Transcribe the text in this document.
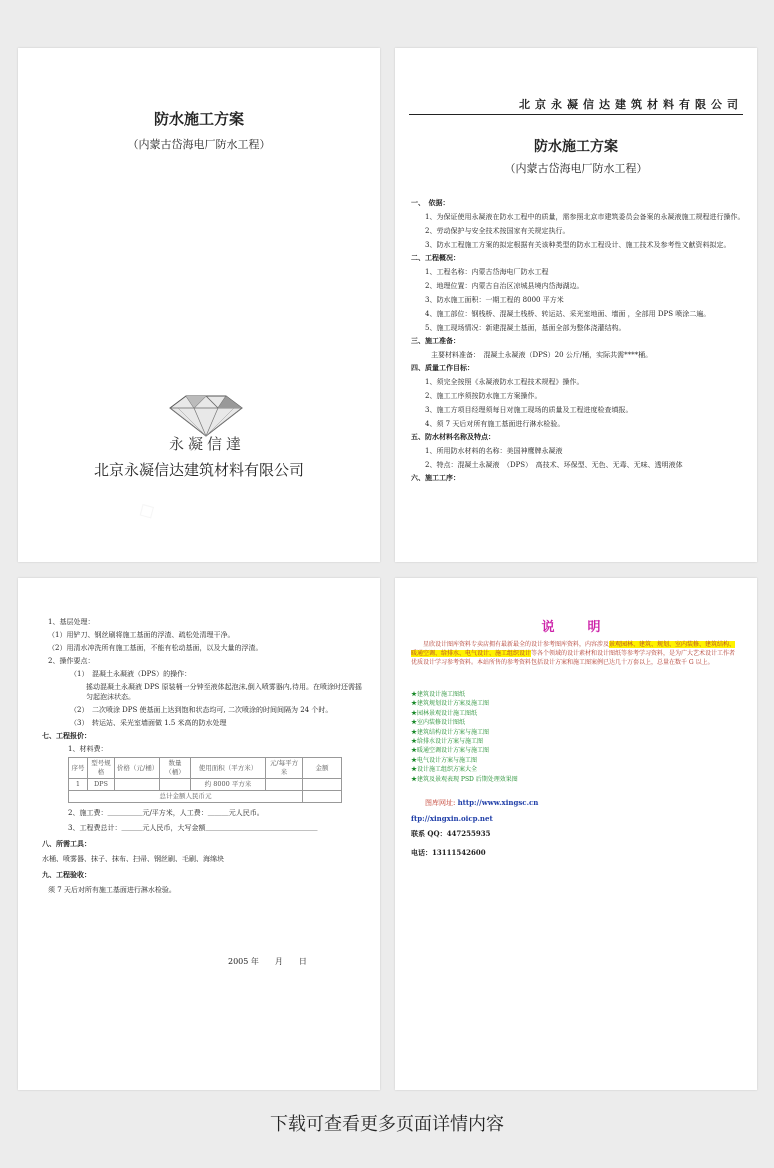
防水施工方案
（内蒙古岱海电厂防水工程）
永凝信達
北京永凝信达建筑材料有限公司
北京永凝信达建筑材料有限公司
防水施工方案
（内蒙古岱海电厂防水工程）
一、　依据：
1、为保证使用永凝液在防水工程中的质量，需参照北京市建筑委员会备案的永凝液施工规程进行操作。
2、劳动保护与安全技术按国家有关规定执行。
3、防水工程施工方案的拟定根据有关该种类型的防水工程设计、施工技术及参考性文献资料拟定。
二、工程概况：
1、工程名称：内蒙古岱海电厂防水工程
2、地理位置：内蒙古自治区凉城县境内岱海湖边。
3、防水施工面积：一期工程的 8000 平方米
4、施工部位：钢栈桥、混凝土栈桥、转运站、采光室地面、墙面 ，全部用 DPS 喷涂二遍。
5、施工现场情况：新建混凝土基面，基面全部为整体浇灌结构。
三、施工准备：
主要材料准备：　混凝土永凝液（DPS）20 公斤/桶，实际共需****桶。
四、质量工作目标：
1、须完全按照《永凝液防水工程技术规程》操作。
2、施工工序须按防水施工方案操作。
3、施工方项目经理须每日对施工现场的质量及工程进度检查填报。
4、须 7 天后对所有施工基面进行淋水检验。
五、防水材料名称及特点：
1、所用防水材料的名称：美国神鹰牌永凝液
2、特点：混凝土永凝液　（DPS）　高技术、环保型、无色、无毒、无味、透明液体
六、施工工序：
1、基层处理：
（1）用铲刀、钢丝刷将施工基面的浮渣、疏松处清理干净。
（2）用清水冲洗所有施工基面，不能有松动基面，以及大量的浮渣。
2、操作要点：
（1）　混凝土永凝液（DPS）的操作：
搖动混凝土永凝液 DPS 原装桶一分钟至液体起泡沫,倒入喷雾器内,待用。在喷涂时还需摇匀起泡沫状态。
（2）　二次喷涂 DPS 使基面上达到饱和状态均可, 二次喷涂的时间间隔为 24 个时。
（3）　转运站、采光室墙面做 1.5 米高的防水处理
七、工程报价：
1、材料费：
序号	型号规格	价格（元/桶）	数量（桶）	使用面积（平方米）	元/每平方米	金额
1	DPS			约 8000 平方米		
总计金额人民币元						
2、施工费：＿＿＿＿＿元/平方米，人工费：＿＿＿元人民币。
3、工程费总计：＿＿＿元人民币，大写金额＿＿＿＿＿＿＿＿＿＿＿＿＿＿＿＿
八、所需工具：
水桶、喷雾器、抹子、抹布、扫帚、钢丝刷、毛刷、海绵块
九、工程验收：
须 7 天后对所有施工基面进行淋水检验。
2005 年　　月　　日
说　明
星欣设计图库资料专卖店拥有最新最全的设计参考图库资料，内容涉及景观园林、建筑、规划、室内装修、建筑结构、暖通空调、给排水、电气设计、施工组织设计等各个领域的设计素材和设计图纸等参考学习资料，是为广大艺术设计工作者优质设计学习参考资料。本站所售的参考资料包括设计方案和施工图案例已达几十万套以上，总量在数千 G 以上。
★建筑设计施工图纸
★建筑规划设计方案及施工图
★园林景观设计施工图纸
★室内装修设计图纸
★建筑结构设计方案与施工图
★给排水设计方案与施工图
★暖通空调设计方案与施工图
★电气设计方案与施工图
★设计施工组织方案大全
★建筑及景观表现 PSD 后期处理效果图
图库网址: http://www.xingsc.cn
ftp://xingxin.oicp.net
联系 QQ：447255935
电话：13111542600
下载可查看更多页面详情内容
